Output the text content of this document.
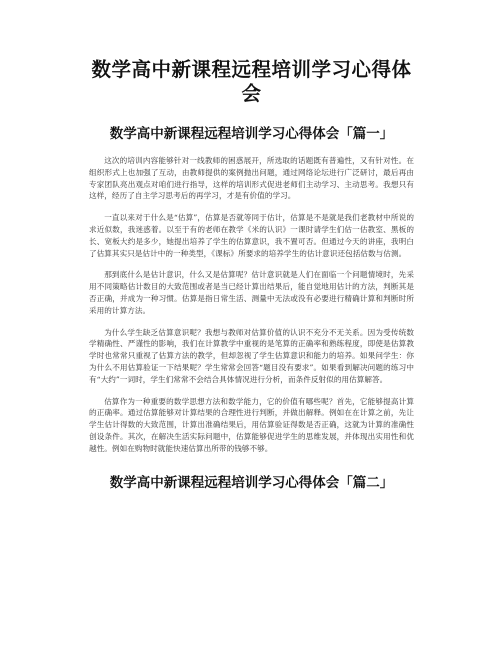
数学高中新课程远程培训学习心得体会
数学高中新课程远程培训学习心得体会「篇一」

这次的培训内容能够针对一线教师的困惑展开，所选取的话题既有普遍性，又有针对性。在组织形式上也加强了互动，由教师提供的案例抛出问题，通过网络论坛进行广泛研讨，最后再由专家团队亮出观点对咱们进行指导，这样的培训形式促进老师们主动学习、主动思考。我想只有这样，经历了自主学习思考后的再学习，才是有价值的学习。

一直以来对于什么是“估算”，估算是否就等同于估计，估算是不是就是我们老教材中所说的求近似数，我迷惑着。以至于有的老师在教学《米的认识》一课时请学生们估一估教室、黑板的长、宽板大约是多少，她提出培养了学生的估算意识，我不置可否。但通过今天的讲座，我明白了估算其实只是估计中的一种类型，《课标》所要求的培养学生的估计意识还包括估数与估测。

那到底什么是估计意识，什么又是估算呢？估计意识就是人们在面临一个问题情境时，先采用不同策略估计数目的大致范围或者是当已经计算出结果后，能自觉地用估计的方法，判断其是否正确，并成为一种习惯。估算是指日常生活、测量中无法或没有必要进行精确计算和判断时所采用的计算方法。

为什么学生缺乏估算意识呢？我想与教师对估算价值的认识不充分不无关系。因为受传统数学精确性、严谨性的影响，我们在计算教学中重视的是笔算的正确率和熟练程度，即使是估算教学时也常常只重视了估算方法的教学，但却忽视了学生估算意识和能力的培养。如果问学生：你为什么不用估算验证一下结果呢？学生常常会回答“题目没有要求”。如果看到解决问题的练习中有“大约”一词时，学生们常常不会结合具体情况进行分析，而条件反射似的用估算解答。

估算作为一种重要的数学思想方法和数学能力，它的价值有哪些呢？首先，它能够提高计算的正确率。通过估算能够对计算结果的合理性进行判断，并做出解释。例如在在计算之前，先让学生估计得数的大致范围，计算出准确结果后，用估算验证得数是否正确，这就为计算的准确性创设条件。其次，在解决生活实际问题中，估算能够促进学生的思维发展，并体现出实用性和优越性。例如在购物时就能快速估算出所带的钱够不够。

数学高中新课程远程培训学习心得体会「篇二」
